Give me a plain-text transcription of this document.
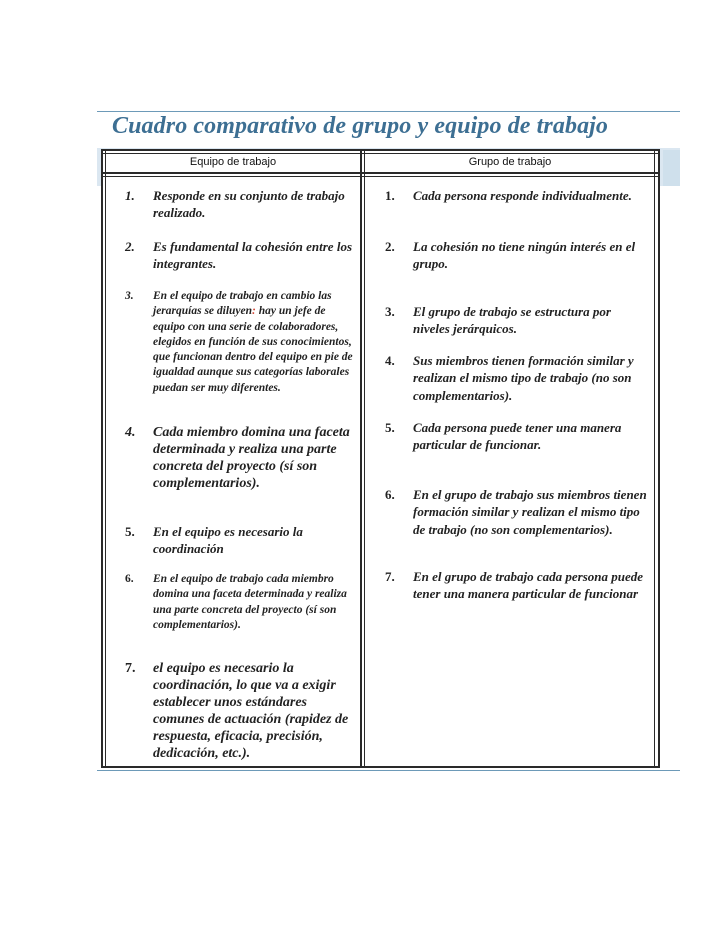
Cuadro comparativo de grupo y equipo de trabajo
Equipo de trabajo	Grupo de trabajo
1. Responde en su conjunto de trabajo realizado.
2. Es fundamental la cohesión entre los integrantes.
3. En el equipo de trabajo en cambio las jerarquías se diluyen: hay un jefe de equipo con una serie de colaboradores, elegidos en función de sus conocimientos, que funcionan dentro del equipo en pie de igualdad aunque sus categorías laborales puedan ser muy diferentes.
4. Cada miembro domina una faceta determinada y realiza una parte concreta del proyecto (sí son complementarios).
5. En el equipo es necesario la coordinación
6. En el equipo de trabajo cada miembro domina una faceta determinada y realiza una parte concreta del proyecto (sí son complementarios).
7. el equipo es necesario la coordinación, lo que va a exigir establecer unos estándares comunes de actuación (rapidez de respuesta, eficacia, precisión, dedicación, etc.).
1. Cada persona responde individualmente.
2. La cohesión no tiene ningún interés en el grupo.
3. El grupo de trabajo se estructura por niveles jerárquicos.
4. Sus miembros tienen formación similar y realizan el mismo tipo de trabajo (no son complementarios).
5. Cada persona puede tener una manera particular de funcionar.
6. En el grupo de trabajo sus miembros tienen formación similar y realizan el mismo tipo de trabajo (no son complementarios).
7. En el grupo de trabajo cada persona puede tener una manera particular de funcionar
